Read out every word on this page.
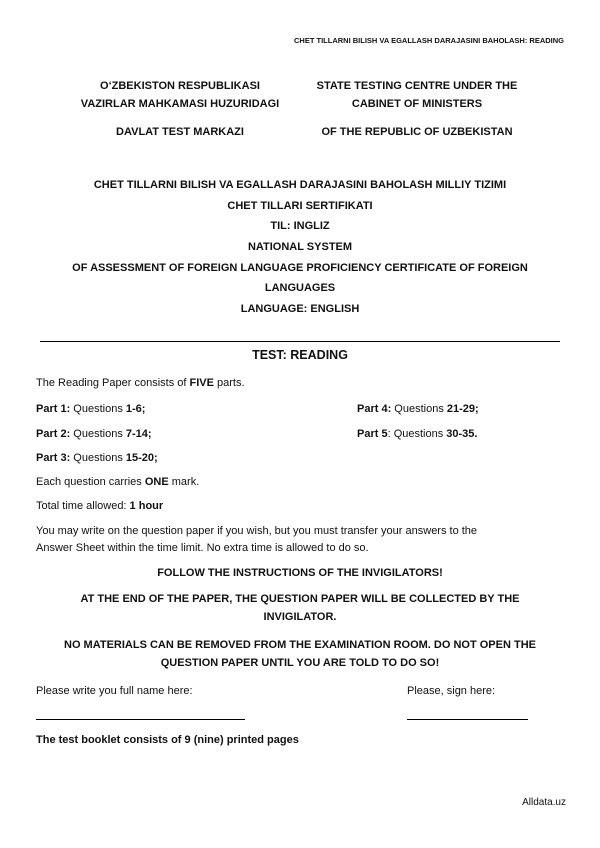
CHET TILLARNI BILISH VA EGALLASH DARAJASINI BAHOLASH: READING
O‘ZBEKISTON RESPUBLIKASI
VAZIRLAR MAHKAMASI HUZURIDAGI
DAVLAT TEST MARKAZI
STATE TESTING CENTRE UNDER THE
CABINET OF MINISTERS
OF THE REPUBLIC OF UZBEKISTAN
CHET TILLARNI BILISH VA EGALLASH DARAJASINI BAHOLASH MILLIY TIZIMI
CHET TILLARI SERTIFIKATI
TIL: INGLIZ
NATIONAL SYSTEM
OF ASSESSMENT OF FOREIGN LANGUAGE PROFICIENCY CERTIFICATE OF FOREIGN
LANGUAGES
LANGUAGE: ENGLISH
TEST: READING
The Reading Paper consists of FIVE parts.
Part 1: Questions 1-6;
Part 2: Questions 7-14;
Part 3: Questions 15-20;
Part 4: Questions 21-29;
Part 5: Questions 30-35.
Each question carries ONE mark.
Total time allowed: 1 hour
You may write on the question paper if you wish, but you must transfer your answers to the
Answer Sheet within the time limit. No extra time is allowed to do so.
FOLLOW THE INSTRUCTIONS OF THE INVIGILATORS!
AT THE END OF THE PAPER, THE QUESTION PAPER WILL BE COLLECTED BY THE
INVIGILATOR.
NO MATERIALS CAN BE REMOVED FROM THE EXAMINATION ROOM. DO NOT OPEN THE
QUESTION PAPER UNTIL YOU ARE TOLD TO DO SO!
Please write you full name here:	Please, sign here:
The test booklet consists of 9 (nine) printed pages
Alldata.uz
